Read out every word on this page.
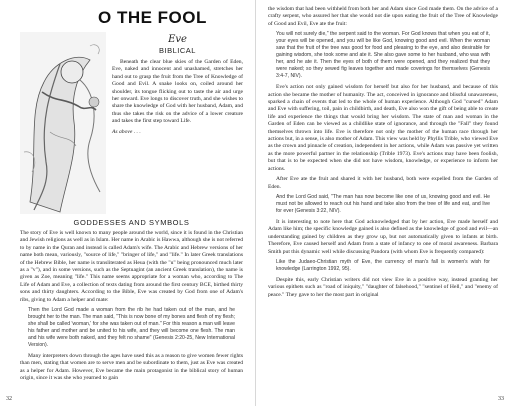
O THE FOOL
Eve
BIBLICAL

Beneath the clear blue skies of the Garden of Eden, Eve, naked and innocent and unashamed, stretches her hand out to grasp the fruit from the Tree of Knowledge of Good and Evil. A snake looks on, coiled around her shoulder, its tongue flicking out to taste the air and urge her onward. Eve longs to discover truth, and she wishes to share the knowledge of God with her husband, Adam, and thus she takes the risk on the advice of a lower creature and takes the first step toward Life.

As above . . .
GODDESSES AND SYMBOLS

The story of Eve is well known to many people around the world, since it is found in the Christian and Jewish religions as well as in Islam. Her name in Arabic is Hawwa, although she is not referred to by name in the Quran and instead is called Adam's wife. The Arabic and Hebrew versions of her name both mean, variously, "source of life," "bringer of life," and "life." In later Greek translations of the Hebrew Bible, her name is transliterated as Heua (with the "u" being pronounced much later as a "v"), and in some versions, such as the Septuagint (an ancient Greek translation), the name is given as Zoe, meaning "life." This name seems appropriate for a woman who, according to The Life of Adam and Eve, a collection of texts dating from around the first century BCE, birthed thirty sons and thirty daughters. According to the Bible, Eve was created by God from one of Adam's ribs, giving to Adam a helper and mate:

Then the Lord God made a woman from the rib he had taken out of the man, and he brought her to the man. The man said, "This is now bone of my bones and flesh of my flesh; she shall be called 'woman,' for she was taken out of man." For this reason a man will leave his father and mother and be united to his wife, and they will become one flesh. The man and his wife were both naked, and they felt no shame" (Genesis 2:20-25, New International Version).

Many interpreters down through the ages have used this as a reason to give women fewer rights than men, stating that women are to serve men and be subordinate to them, just as Eve was created as a helper for Adam. However, Eve became the main protagonist in the biblical story of human origin, since it was she who yearned to gain

32

the wisdom that had been withheld from both her and Adam since God made them. On the advice of a crafty serpent, who assured her that she would not die upon eating the fruit of the Tree of Knowledge of Good and Evil, Eve ate the fruit:

You will not surely die," the serpent said to the woman. For God knows that when you eat of it, your eyes will be opened, and you will be like God, knowing good and evil. When the woman saw that the fruit of the tree was good for food and pleasing to the eye, and also desirable for gaining wisdom, she took some and ate it. She also gave some to her husband, who was with her, and he ate it. Then the eyes of both of them were opened, and they realized that they were naked; so they sewed fig leaves together and made coverings for themselves (Genesis 3:4-7, NIV).

Eve's action not only gained wisdom for herself but also for her husband, and because of this action she became the mother of humanity. The act, conceived in ignorance and blissful unawareness, sparked a chain of events that led to the whole of human experience. Although God "cursed" Adam and Eve with suffering, toil, pain in childbirth, and death, Eve also won the gift of being able to create life and experience the things that would bring her wisdom. The state of man and woman in the Garden of Eden can be viewed as a childlike state of ignorance, and through the "Fall" they found themselves thrown into life. Eve is therefore not only the mother of the human race through her actions but, in a sense, is also mother of Adam. This view was held by Phyllis Trible, who viewed Eve as the crown and pinnacle of creation, independent in her actions, while Adam was passive yet written as the more powerful partner in the relationship (Trible 1973). Eve's actions may have been foolish, but that is to be expected when she did not have wisdom, knowledge, or experience to inform her actions.

After Eve ate the fruit and shared it with her husband, both were expelled from the Garden of Eden.

And the Lord God said, "The man has now become like one of us, knowing good and evil. He must not be allowed to reach out his hand and take also from the tree of life and eat, and live for ever (Genesis 3:22, NIV).

It is interesting to note here that God acknowledged that by her action, Eve made herself and Adam like him; the specific knowledge gained is also defined as the knowledge of good and evil—an understanding gained by children as they grow up, but not automatically given to infants at birth. Therefore, Eve caused herself and Adam from a state of infancy to one of moral awareness. Barbara Smith put this dynamic well while discussing Pandora (with whom Eve is frequently compared):

Like the Judaeo-Christian myth of Eve, the currency of man's fall is women's wish for knowledge (Larrington 1992, 95).

Despite this, early Christian writers did not view Eve in a positive way, instead granting her various epithets such as "road of iniquity," "daughter of falsehood," "sentinel of Hell," and "enemy of peace." They gave to her the most part in original

33
